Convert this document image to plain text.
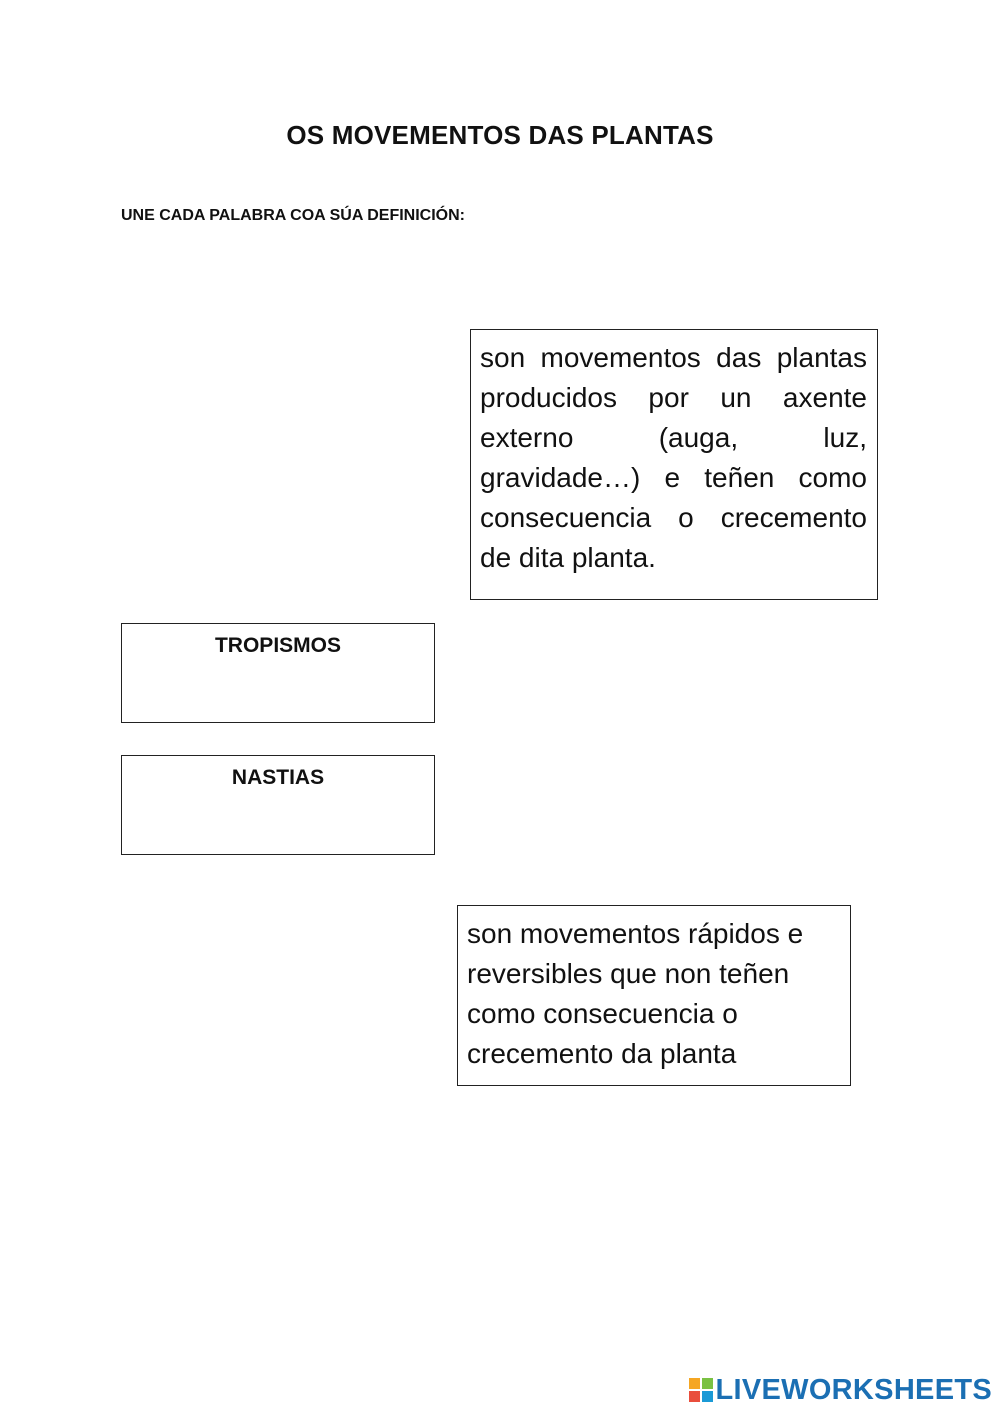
OS MOVEMENTOS DAS PLANTAS
UNE CADA PALABRA COA SÚA DEFINICIÓN:
son movementos das plantas producidos por un axente externo (auga, luz, gravidade…) e teñen como consecuencia o crecemento de dita planta.
TROPISMOS
NASTIAS
son movementos rápidos e reversibles que non teñen como consecuencia o crecemento da planta
LIVEWORKSHEETS
